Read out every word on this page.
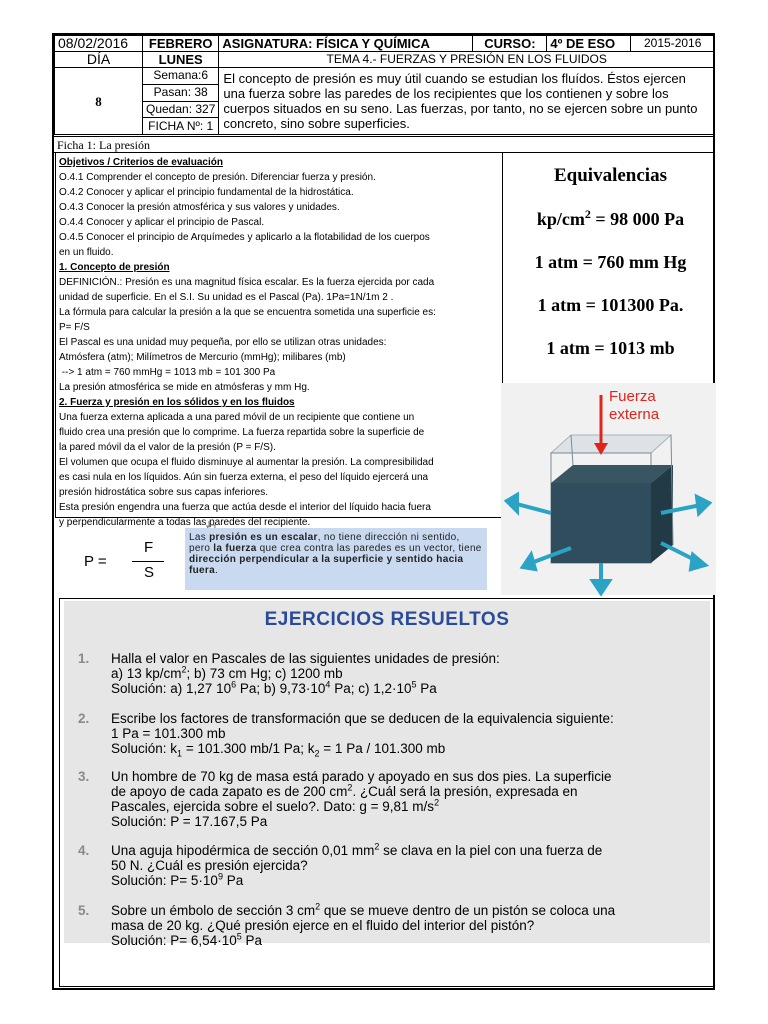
08/02/2016	FEBRERO	ASIGNATURA: FÍSICA Y QUÍMICA	CURSO:	4º DE ESO	2015-2016
DÍA	LUNES	TEMA 4.- FUERZAS Y PRESIÓN EN LOS FLUIDOS			
8	Semana:6	El concepto de presión es muy útil cuando se estudian los fluídos. Éstos ejercen una fuerza sobre las paredes de los recipientes que los contienen y sobre los cuerpos situados en su seno. Las fuerzas, por tanto, no se ejercen sobre un punto concreto, sino sobre superficies.			
	Pasan: 38				
	Quedan: 327				
	FICHA Nº: 1				
Ficha 1: La presión

Objetivos / Criterios de evaluación

O.4.1 Comprender el concepto de presión. Diferenciar fuerza y presión.

O.4.2 Conocer y aplicar el principio fundamental de la hidrostática.

O.4.3 Conocer la presión atmosférica y sus valores y unidades.

O.4.4 Conocer y aplicar el principio de Pascal.

O.4.5 Conocer el principio de Arquímedes y aplicarlo a la flotabilidad de los cuerpos

en un fluido.

1. Concepto de presión

DEFINICIÓN.: Presión es una magnitud física escalar. Es la fuerza ejercida por cada

unidad de superficie. En el S.I. Su unidad es el Pascal (Pa). 1Pa=1N/1m 2 .

La fórmula para calcular la presión a la que se encuentra sometida una superficie es:

P= F/S

El Pascal es una unidad muy pequeña, por ello se utilizan otras unidades:

Atmósfera (atm); Milímetros de Mercurio (mmHg); milibares (mb)

--> 1 atm = 760 mmHg = 1013 mb = 101 300 Pa

La presión atmosférica se mide en atmósferas y mm Hg.

2. Fuerza y presión en los sólidos y en los fluidos

Una fuerza externa aplicada a una pared móvil de un recipiente que contiene un

fluido crea una presión que lo comprime. La fuerza repartida sobre la superficie de

la pared móvil da el valor de la presión (P = F/S).

El volumen que ocupa el fluido disminuye al aumentar la presión. La compresibilidad

es casi nula en los líquidos. Aún sin fuerza externa, el peso del líquido ejercerá una

presión hidrostática sobre sus capas inferiores.

Esta presión engendra una fuerza que actúa desde el interior del líquido hacia fuera

y perpendicularmente a todas las paredes del recipiente.

Equivalencias
$kp/cm^2 = 98$ 000 Pa
1 atm = 760 mm Hg
1 atm = 101300 Pa.
1 atm = 1013 mb
Fuerza
externa
P =
F
S
Las presión es un escalar, no tiene dirección ni sentido, pero la fuerza que crea contra las paredes es un vector, tiene dirección perpendicular a la superficie y sentido hacia fuera.
EJERCICIOS RESUELTOS
1. Halla el valor en Pascales de las siguientes unidades de presión:
a) 13 $kp/cm^2$; b) 73 cm Hg; c) 1200 mb
Solución: a) 1,27 $10^6$ Pa; b) $9,73\cdot 10^4$ Pa; c) $1,2\cdot 10^5$ Pa
2. Escribe los factores de transformación que se deducen de la equivalencia siguiente:
1 Pa = 101.300 mb
Solución: $k_1 = 101.300$ mb/1 Pa; $k_2 = 1$ Pa / 101.300 mb
3. Un hombre de 70 kg de masa está parado y apoyado en sus dos pies. La superficie
de apoyo de cada zapato es de 200 $cm^2$. ¿Cuál será la presión, expresada en
Pascales, ejercida sobre el suelo?. Dato: g = 9,81 $m/s^2$
Solución: P = 17.167,5 Pa
4. Una aguja hipodérmica de sección 0,01 $mm^2$ se clava en la piel con una fuerza de
50 N. ¿Cuál es presión ejercida?
Solución: $P= 5\cdot 10^9$ Pa
5. Sobre un émbolo de sección 3 $cm^2$ que se mueve dentro de un pistón se coloca una
masa de 20 kg. ¿Qué presión ejerce en el fluido del interior del pistón?
Solución: $P= 6,54\cdot 10^5$ Pa
